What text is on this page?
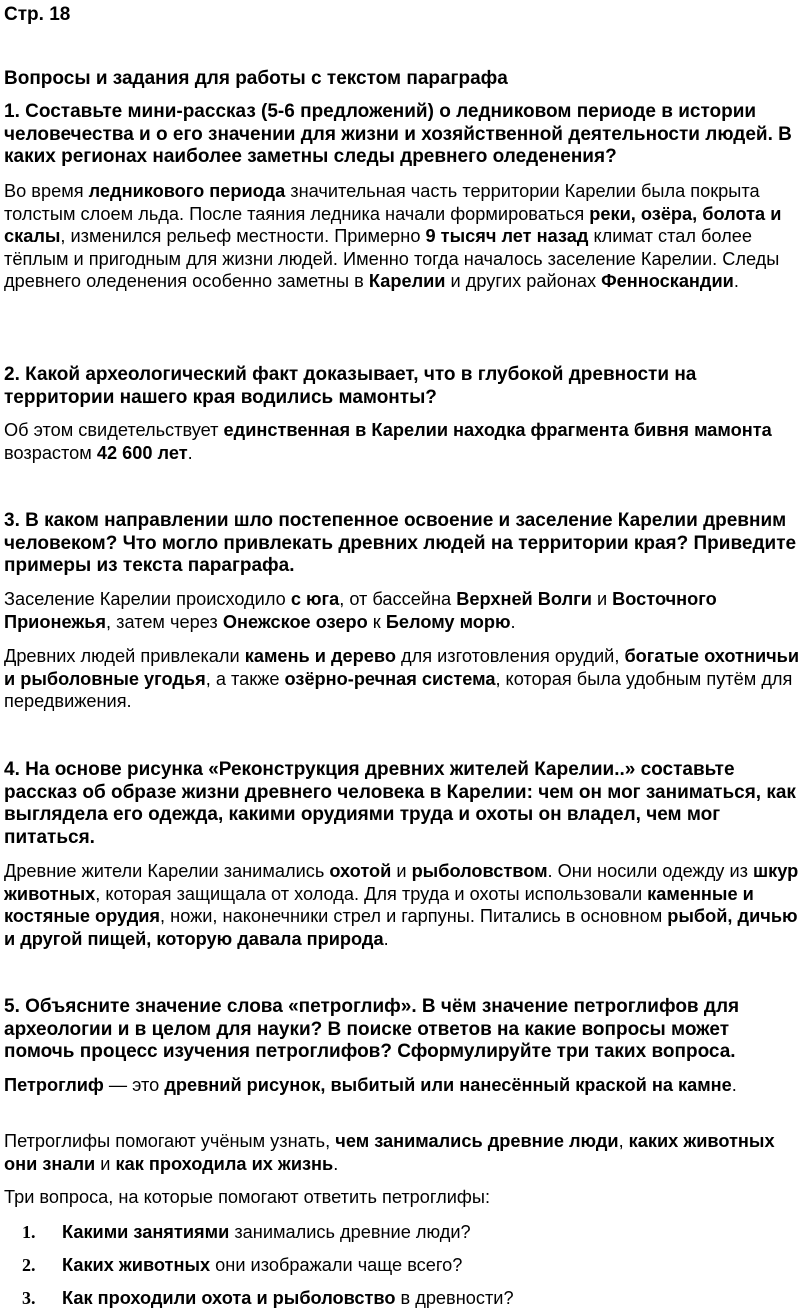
Стр. 18
Вопросы и задания для работы с текстом параграфа
1. Составьте мини-рассказ (5-6 предложений) о ледниковом периоде в истории человечества и о его значении для жизни и хозяйственной деятельности людей. В каких регионах наиболее заметны следы древнего оледенения?
Во время ледникового периода значительная часть территории Карелии была покрыта толстым слоем льда. После таяния ледника начали формироваться реки, озёра, болота и скалы, изменился рельеф местности. Примерно 9 тысяч лет назад климат стал более тёплым и пригодным для жизни людей. Именно тогда началось заселение Карелии. Следы древнего оледенения особенно заметны в Карелии и других районах Фенноскандии.
2. Какой археологический факт доказывает, что в глубокой древности на территории нашего края водились мамонты?
Об этом свидетельствует единственная в Карелии находка фрагмента бивня мамонта возрастом 42 600 лет.
3. В каком направлении шло постепенное освоение и заселение Карелии древним человеком? Что могло привлекать древних людей на территории края? Приведите примеры из текста параграфа.
Заселение Карелии происходило с юга, от бассейна Верхней Волги и Восточного Прионежья, затем через Онежское озеро к Белому морю.
Древних людей привлекали камень и дерево для изготовления орудий, богатые охотничьи и рыболовные угодья, а также озёрно-речная система, которая была удобным путём для передвижения.
4. На основе рисунка «Реконструкция древних жителей Карелии..» составьте рассказ об образе жизни древнего человека в Карелии: чем он мог заниматься, как выглядела его одежда, какими орудиями труда и охоты он владел, чем мог питаться.
Древние жители Карелии занимались охотой и рыболовством. Они носили одежду из шкур животных, которая защищала от холода. Для труда и охоты использовали каменные и костяные орудия, ножи, наконечники стрел и гарпуны. Питались в основном рыбой, дичью и другой пищей, которую давала природа.
5. Объясните значение слова «петроглиф». В чём значение петроглифов для археологии и в целом для науки? В поиске ответов на какие вопросы может помочь процесс изучения петроглифов? Сформулируйте три таких вопроса.
Петроглиф — это древний рисунок, выбитый или нанесённый краской на камне.
Петроглифы помогают учёным узнать, чем занимались древние люди, каких животных они знали и как проходила их жизнь.
Три вопроса, на которые помогают ответить петроглифы:
1.	Какими занятиями занимались древние люди?
2.	Каких животных они изображали чаще всего?
3.	Как проходили охота и рыболовство в древности?
